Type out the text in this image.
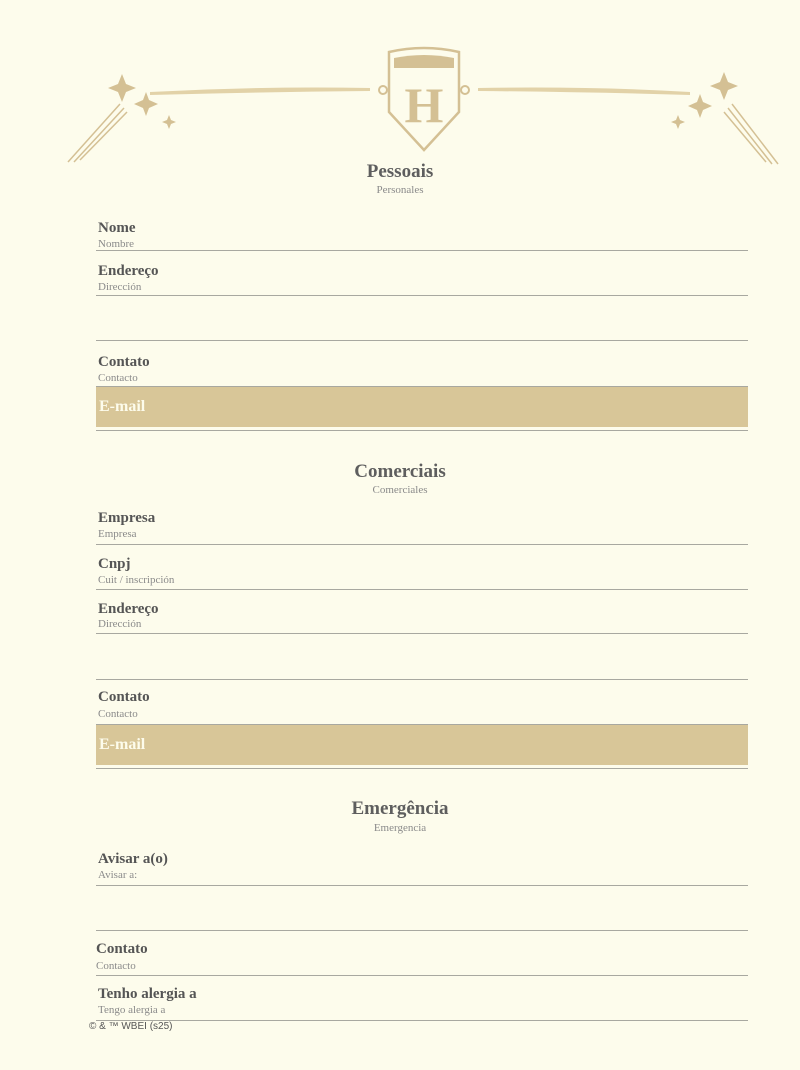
HOGWARTS
H
Pessoais
Personales
Nome
Nombre
Endereço
Dirección
Contato
Contacto
E-mail
Comerciais
Comerciales
Empresa
Empresa
Cnpj
Cuit / inscripción
Endereço
Dirección
Contato
Contacto
E-mail
Emergência
Emergencia
Avisar a(o)
Avisar a:
Contato
Contacto
Tenho alergia a
Tengo alergia a
© & ™ WBEI (s25)
